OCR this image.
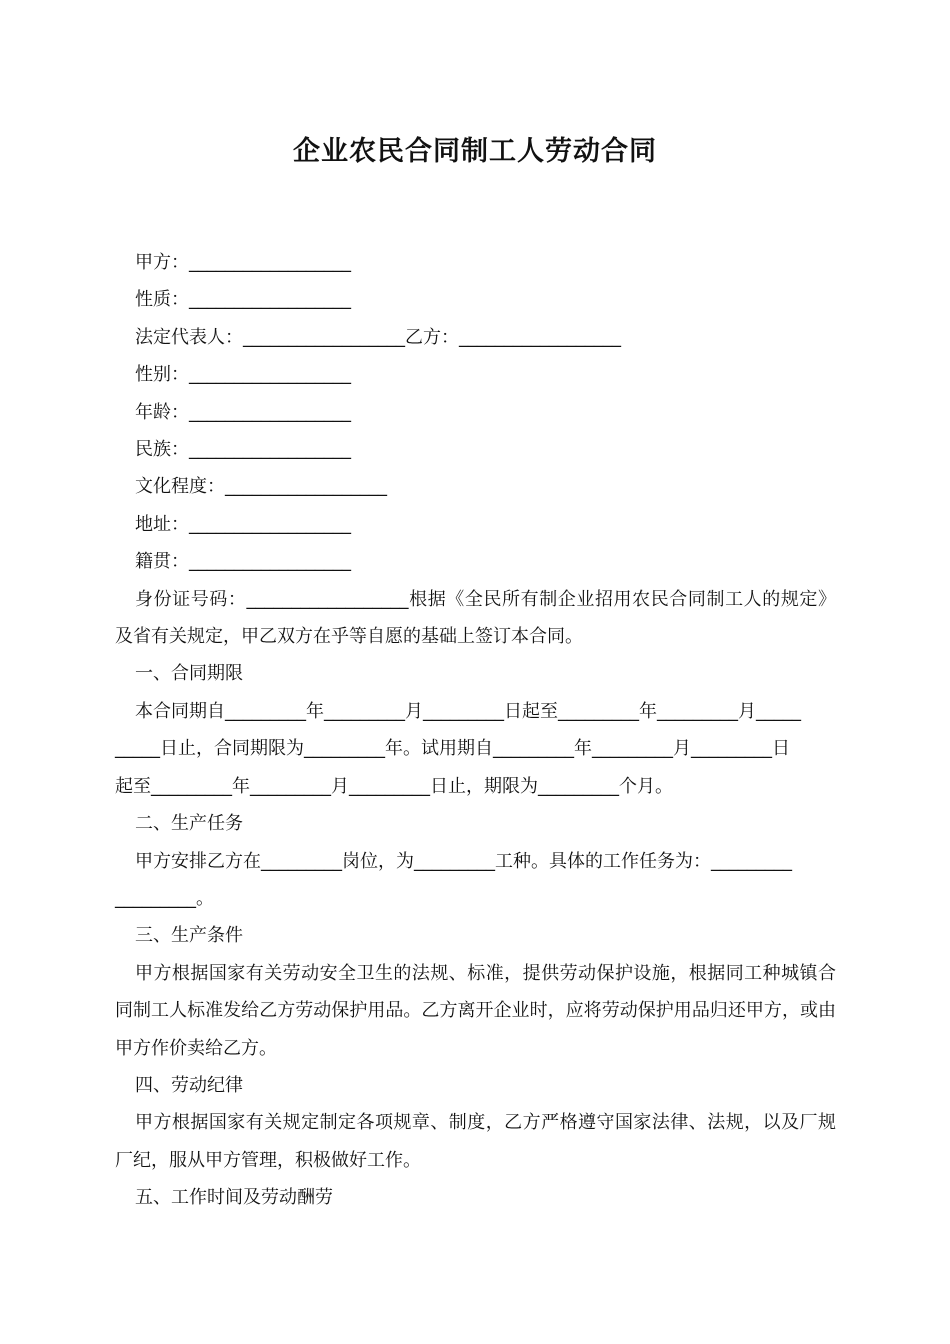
企业农民合同制工人劳动合同

甲方：__________________

性质：__________________

法定代表人：__________________乙方：__________________

性别：__________________

年龄：__________________

民族：__________________

文化程度：__________________

地址：__________________

籍贯：__________________

身份证号码：__________________根据《全民所有制企业招用农民合同制工人的规定》及省有关规定，甲乙双方在乎等自愿的基础上签订本合同。

一、合同期限

本合同期自_________年_________月_________日起至_________年_________月_____

_____日止，合同期限为_________年。试用期自_________年_________月_________日

起至_________年_________月_________日止，期限为_________个月。

二、生产任务

甲方安排乙方在_________岗位，为_________工种。具体的工作任务为：_________

_________。

三、生产条件

甲方根据国家有关劳动安全卫生的法规、标准，提供劳动保护设施，根据同工种城镇合同制工人标准发给乙方劳动保护用品。乙方离开企业时，应将劳动保护用品归还甲方，或由甲方作价卖给乙方。

四、劳动纪律

甲方根据国家有关规定制定各项规章、制度，乙方严格遵守国家法律、法规，以及厂规厂纪，服从甲方管理，积极做好工作。

五、工作时间及劳动酬劳
